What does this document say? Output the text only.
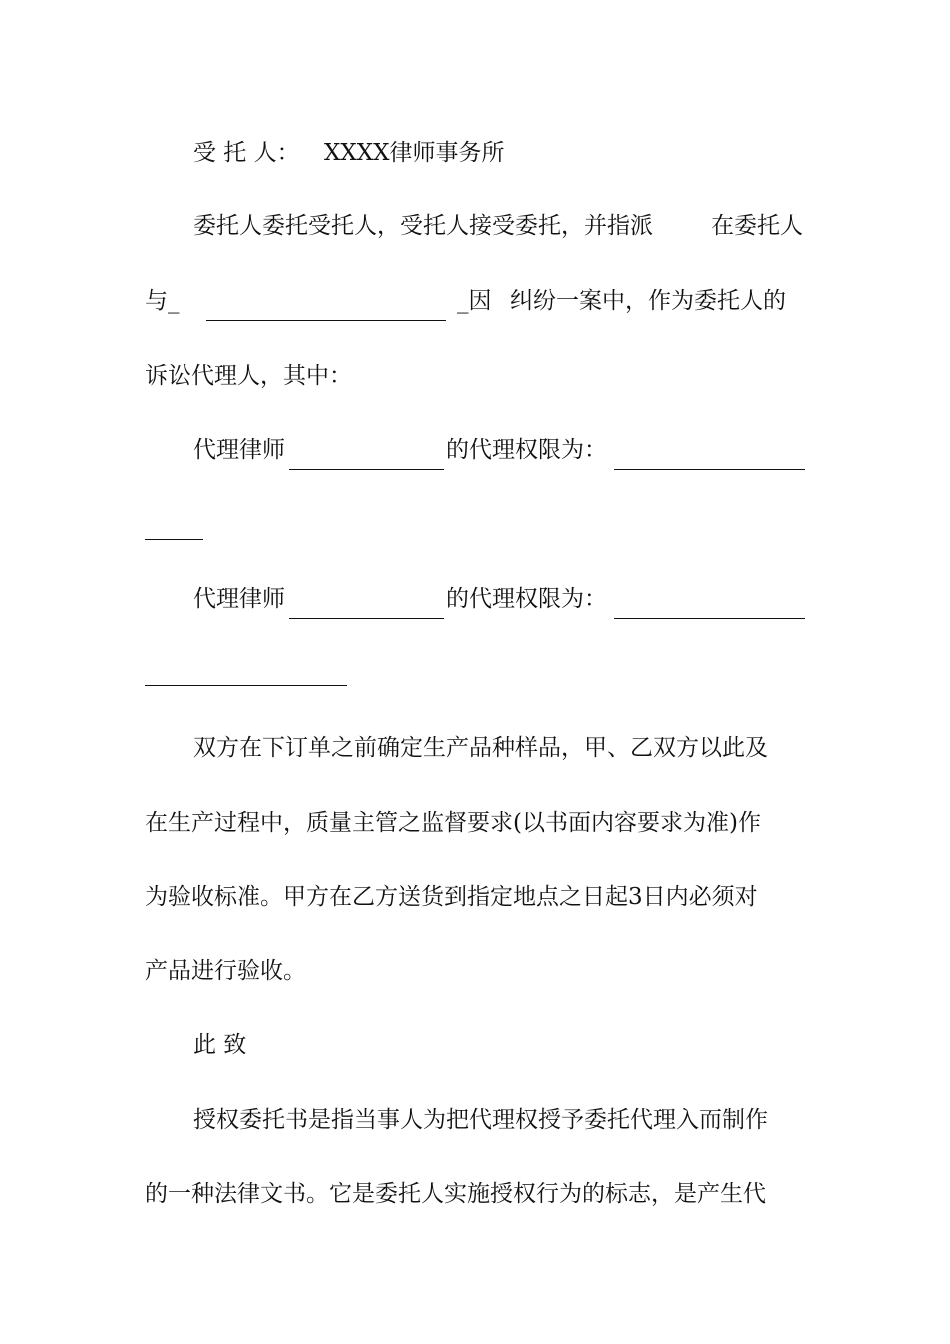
受 托 人： XXXX律师事务所
委托人委托受托人，受托人接受委托，并指派	在委托人
与_	_因 纠纷一案中，作为委托人的
诉讼代理人，其中：
代理律师	的代理权限为：
代理律师	的代理权限为：
双方在下订单之前确定生产品种样品，甲、乙双方以此及
在生产过程中，质量主管之监督要求(以书面内容要求为准)作
为验收标准。甲方在乙方送货到指定地点之日起3日内必须对
产品进行验收。
此 致
授权委托书是指当事人为把代理权授予委托代理入而制作
的一种法律文书。它是委托人实施授权行为的标志，是产生代
